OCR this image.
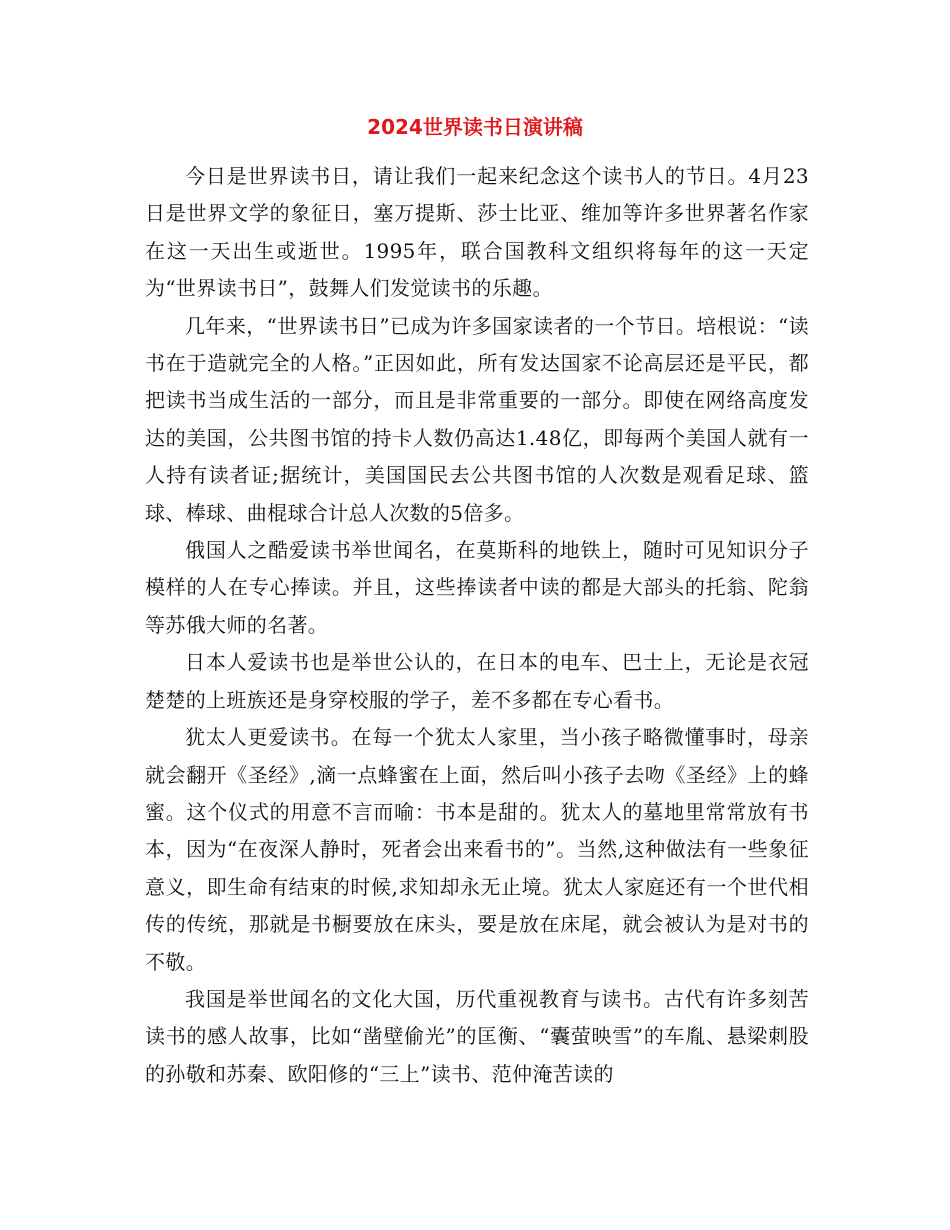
2024世界读书日演讲稿

今日是世界读书日，请让我们一起来纪念这个读书人的节日。4月23日是世界文学的象征日，塞万提斯、莎士比亚、维加等许多世界著名作家在这一天出生或逝世。1995年，联合国教科文组织将每年的这一天定为“世界读书日”，鼓舞人们发觉读书的乐趣。

几年来，“世界读书日”已成为许多国家读者的一个节日。培根说：“读书在于造就完全的人格。”正因如此，所有发达国家不论高层还是平民，都把读书当成生活的一部分，而且是非常重要的一部分。即使在网络高度发达的美国，公共图书馆的持卡人数仍高达1.48亿，即每两个美国人就有一人持有读者证;据统计，美国国民去公共图书馆的人次数是观看足球、篮球、棒球、曲棍球合计总人次数的5倍多。

俄国人之酷爱读书举世闻名，在莫斯科的地铁上，随时可见知识分子模样的人在专心捧读。并且，这些捧读者中读的都是大部头的托翁、陀翁等苏俄大师的名著。

日本人爱读书也是举世公认的，在日本的电车、巴士上，无论是衣冠楚楚的上班族还是身穿校服的学子，差不多都在专心看书。

犹太人更爱读书。在每一个犹太人家里，当小孩子略微懂事时，母亲就会翻开《圣经》,滴一点蜂蜜在上面，然后叫小孩子去吻《圣经》上的蜂蜜。这个仪式的用意不言而喻：书本是甜的。犹太人的墓地里常常放有书本，因为“在夜深人静时，死者会出来看书的”。当然,这种做法有一些象征意义，即生命有结束的时候,求知却永无止境。犹太人家庭还有一个世代相传的传统，那就是书橱要放在床头，要是放在床尾，就会被认为是对书的不敬。

我国是举世闻名的文化大国，历代重视教育与读书。古代有许多刻苦读书的感人故事，比如“凿壁偷光”的匡衡、“囊萤映雪”的车胤、悬梁刺股的孙敬和苏秦、欧阳修的“三上”读书、范仲淹苦读的
